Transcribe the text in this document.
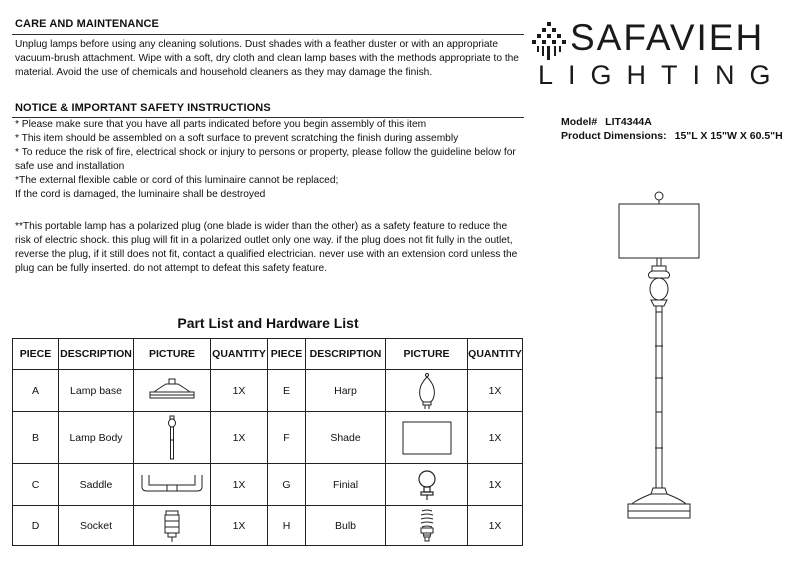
CARE AND MAINTENANCE
Unplug lamps before using any cleaning solutions. Dust shades with a feather duster or with an appropriate vacuum-brush attachment. Wipe with a soft, dry cloth and clean lamp bases with the methods appropriate to the material. Avoid the use of chemicals and household cleaners as they may damage the finish.
NOTICE & IMPORTANT SAFETY INSTRUCTIONS

* Please make sure that you have all parts indicated before you begin assembly of this item

* This item should be assembled on a soft surface to prevent scratching the finish during assembly

* To reduce the risk of fire, electrical shock or injury to persons or property, please follow the guideline below for safe use and installation

*The external flexible cable or cord of this luminaire cannot be replaced;

If the cord is damaged, the luminaire shall be destroyed

**This portable lamp has a polarized plug (one blade is wider than the other) as a safety feature to reduce the risk of electric shock. this plug will fit in a polarized outlet only one way. if the plug does not fit fully in the outlet, reverse the plug, if it still does not fit, contact a qualified electrician. never use with an extension cord unless the plug can be fully inserted. do not attempt to defeat this safety feature.
SAFAVIEH
LIGHTING
Model# LIT4344A
Product Dimensions: 15"L X 15"W X 60.5"H
Part List and Hardware List
PIECE	DESCRIPTION	PICTURE	QUANTITY	PIECE	DESCRIPTION	PICTURE	QUANTITY
A	Lamp base		1X	E	Harp		1X
B	Lamp Body		1X	F	Shade		1X
C	Saddle		1X	G	Finial		1X
D	Socket		1X	H	Bulb		1X
